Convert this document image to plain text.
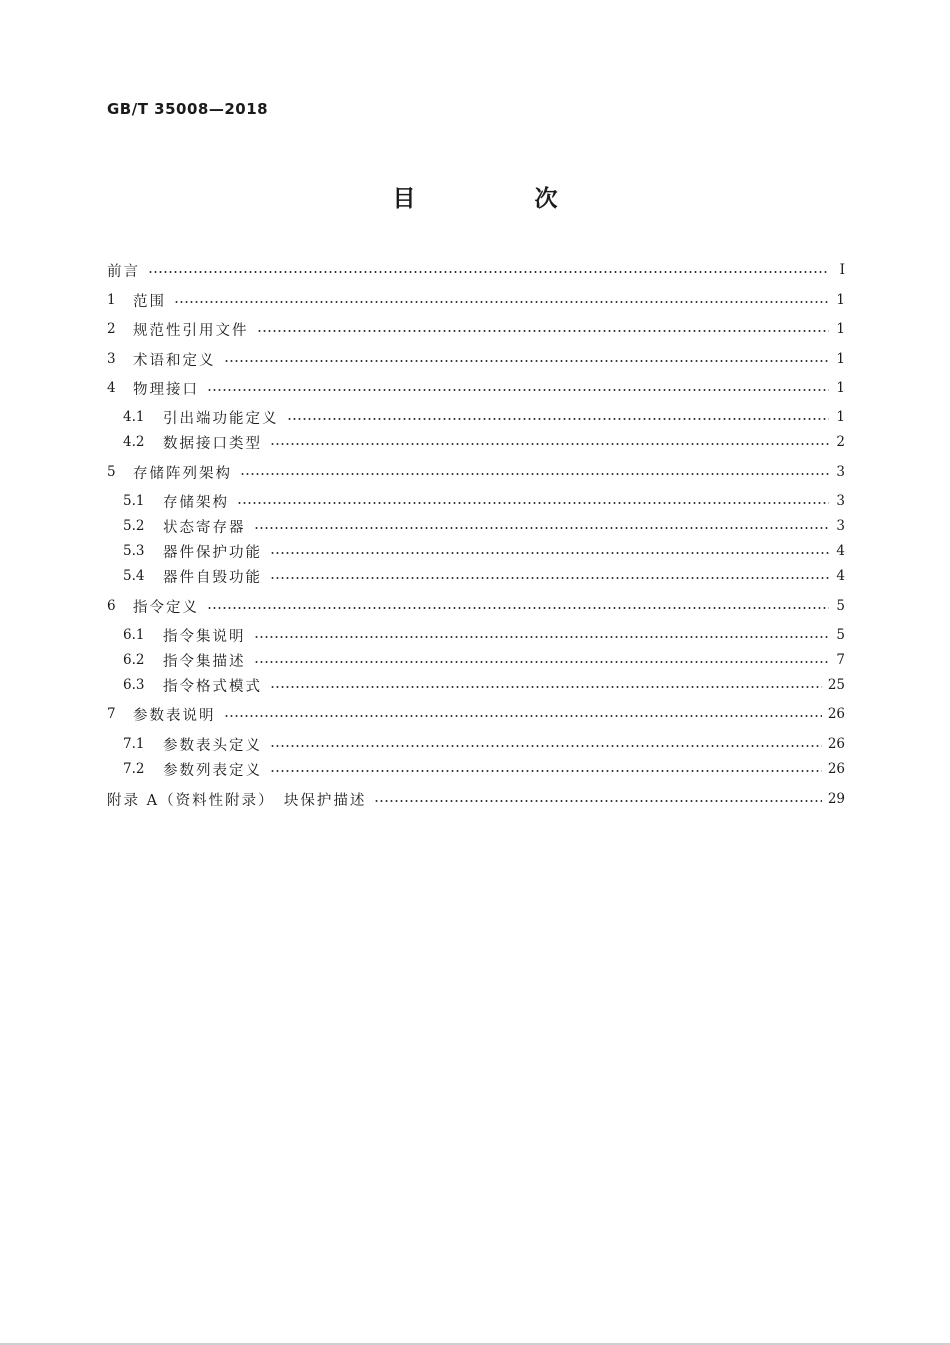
GB/T 35008—2018
目　次
前言	Ⅰ
1	范围	1
2	规范性引用文件	1
3	术语和定义	1
4	物理接口	1
4.1	引出端功能定义	1
4.2	数据接口类型	2
5	存储阵列架构	3
5.1	存储架构	3
5.2	状态寄存器	3
5.3	器件保护功能	4
5.4	器件自毁功能	4
6	指令定义	5
6.1	指令集说明	5
6.2	指令集描述	7
6.3	指令格式模式	25
7	参数表说明	26
7.1	参数表头定义	26
7.2	参数列表定义	26
附录 A（资料性附录）　块保护描述	29
